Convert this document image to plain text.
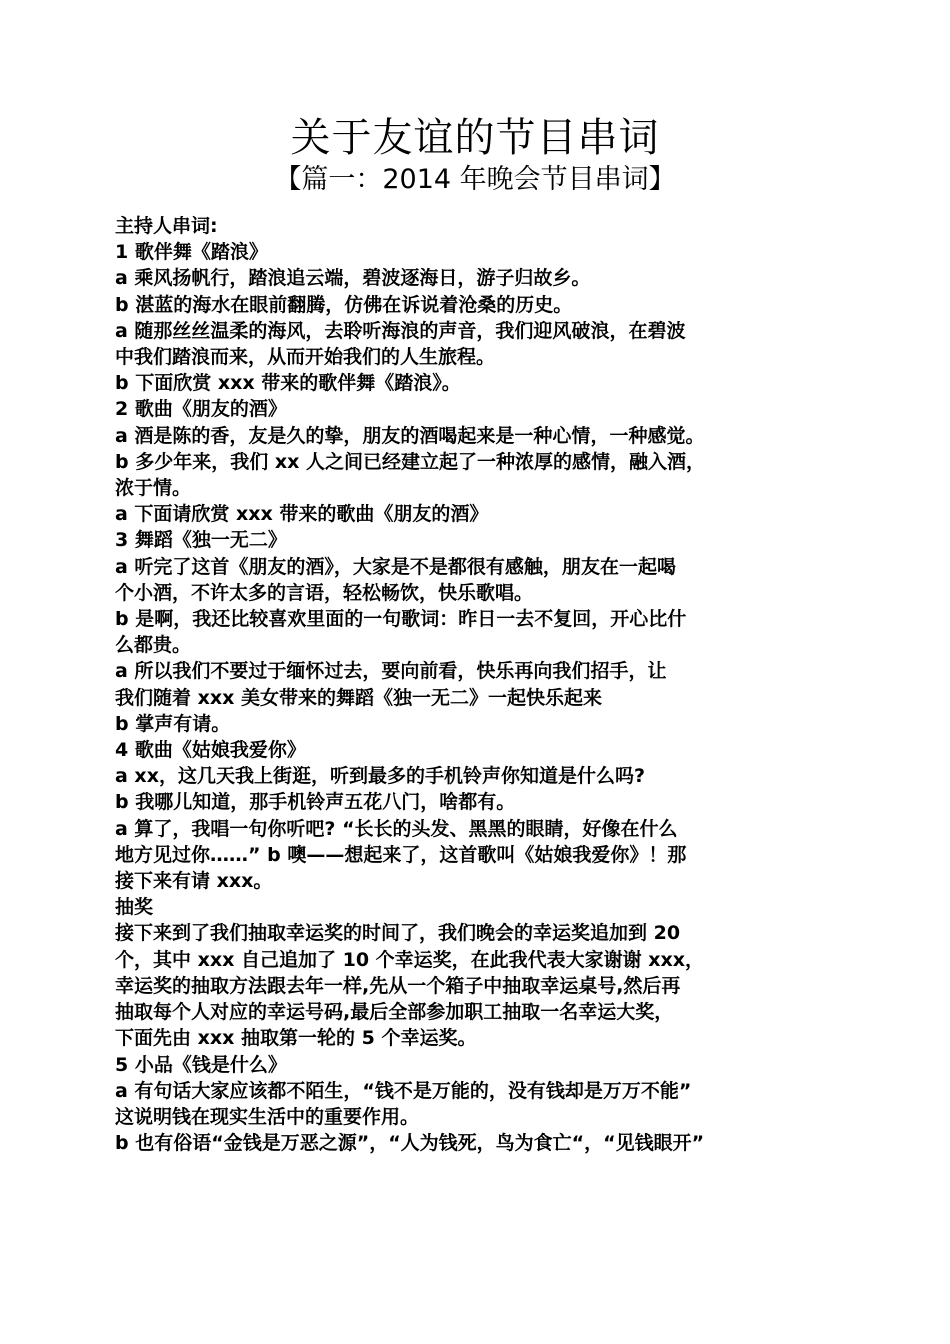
关于友谊的节目串词
【篇一：2014 年晚会节目串词】
主持人串词:
1 歌伴舞《踏浪》
a 乘风扬帆行，踏浪追云端，碧波逐海日，游子归故乡。
b 湛蓝的海水在眼前翻腾，仿佛在诉说着沧桑的历史。
a 随那丝丝温柔的海风，去聆听海浪的声音，我们迎风破浪，在碧波
中我们踏浪而来，从而开始我们的人生旅程。
b 下面欣赏 xxx 带来的歌伴舞《踏浪》。
2 歌曲《朋友的酒》
a 酒是陈的香，友是久的挚，朋友的酒喝起来是一种心情，一种感觉。
b 多少年来，我们 xx 人之间已经建立起了一种浓厚的感情，融入酒，
浓于情。
a 下面请欣赏 xxx 带来的歌曲《朋友的酒》
3 舞蹈《独一无二》
a 听完了这首《朋友的酒》，大家是不是都很有感触，朋友在一起喝
个小酒，不许太多的言语，轻松畅饮，快乐歌唱。
b 是啊，我还比较喜欢里面的一句歌词：昨日一去不复回，开心比什
么都贵。
a 所以我们不要过于缅怀过去，要向前看，快乐再向我们招手，让
我们随着 xxx 美女带来的舞蹈《独一无二》一起快乐起来
b 掌声有请。
4 歌曲《姑娘我爱你》
a xx，这几天我上街逛，听到最多的手机铃声你知道是什么吗?
b 我哪儿知道，那手机铃声五花八门，啥都有。
a 算了，我唱一句你听吧? “长长的头发、黑黑的眼睛，好像在什么
地方见过你……” b 噢——想起来了，这首歌叫《姑娘我爱你》！那
接下来有请 xxx。
抽奖
接下来到了我们抽取幸运奖的时间了，我们晚会的幸运奖追加到 20
个，其中 xxx 自己追加了 10 个幸运奖，在此我代表大家谢谢 xxx，
幸运奖的抽取方法跟去年一样,先从一个箱子中抽取幸运桌号,然后再
抽取每个人对应的幸运号码,最后全部参加职工抽取一名幸运大奖，
下面先由 xxx 抽取第一轮的 5 个幸运奖。
5 小品《钱是什么》
a 有句话大家应该都不陌生，“钱不是万能的，没有钱却是万万不能”
这说明钱在现实生活中的重要作用。
b 也有俗语“金钱是万恶之源”，“人为钱死，鸟为食亡“，“见钱眼开”
